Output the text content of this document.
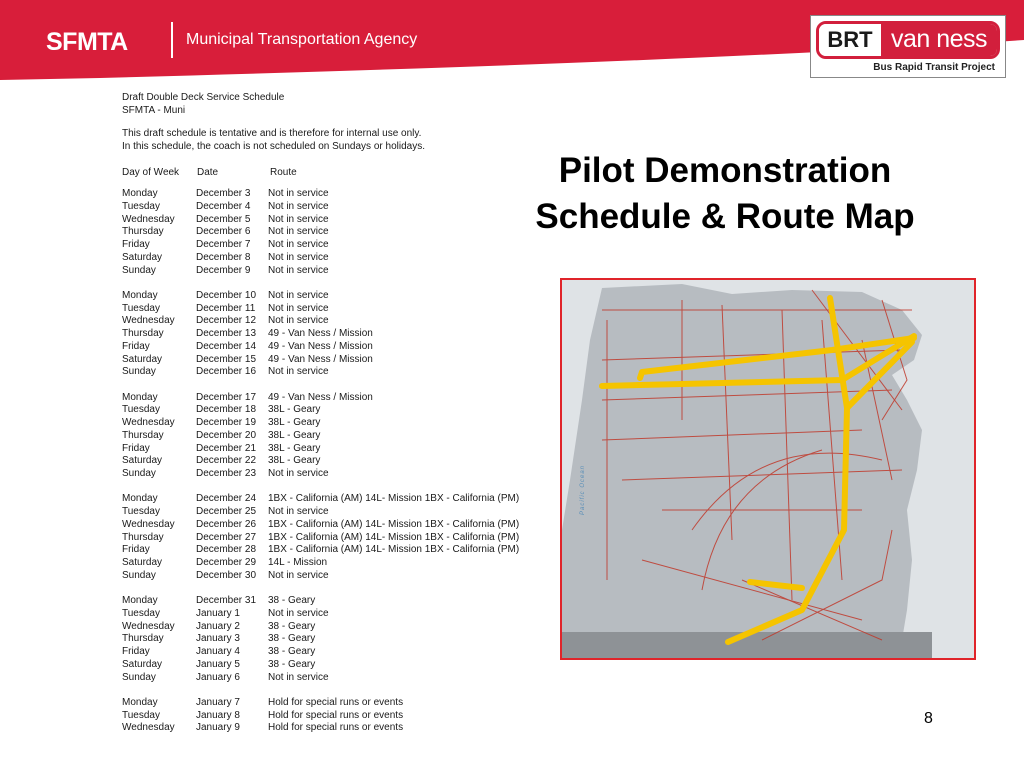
SFMTA	Municipal Transportation Agency	BRT van ness
Bus Rapid Transit Project
Draft Double Deck Service Schedule
SFMTA - Muni
This draft schedule is tentative and is therefore for internal use only.
In this schedule, the coach is not scheduled on Sundays or holidays.
Day of Week Date	Route
Monday	December 3 Not in service
Tuesday	December 4 Not in service
Wednesday December 5 Not in service
Thursday	December 6 Not in service
Friday	December 7 Not in service
Saturday	December 8 Not in service
Sunday	December 9 Not in service
Monday	December 10 Not in service
Tuesday	December 11 Not in service
Wednesday December 12 Not in service
Thursday	December 13 49 - Van Ness / Mission
Friday	December 14 49 - Van Ness / Mission
Saturday	December 15 49 - Van Ness / Mission
Sunday	December 16 Not in service
Monday	December 17 49 - Van Ness / Mission
Tuesday	December 18 38L - Geary
Wednesday December 19 38L - Geary
Thursday	December 20 38L - Geary
Friday	December 21 38L - Geary
Saturday	December 22 38L - Geary
Sunday	December 23 Not in service
Monday	December 24 1BX - California (AM) 14L- Mission 1BX - California (PM)
Tuesday	December 25 Not in service
Wednesday December 26 1BX - California (AM) 14L- Mission 1BX - California (PM)
Thursday	December 27 1BX - California (AM) 14L- Mission 1BX - California (PM)
Friday	December 28 1BX - California (AM) 14L- Mission 1BX - California (PM)
Saturday	December 29 14L - Mission
Sunday	December 30 Not in service
Monday	December 31 38 - Geary
Tuesday	January 1	Not in service
Wednesday January 2	38 - Geary
Thursday	January 3	38 - Geary
Friday	January 4	38 - Geary
Saturday	January 5	38 - Geary
Sunday	January 6	Not in service
Monday	January 7	Hold for special runs or events
Tuesday	January 8	Hold for special runs or events
Wednesday January 9	Hold for special runs or events
Pilot Demonstration
Schedule & Route Map
Pacific Ocean
8
